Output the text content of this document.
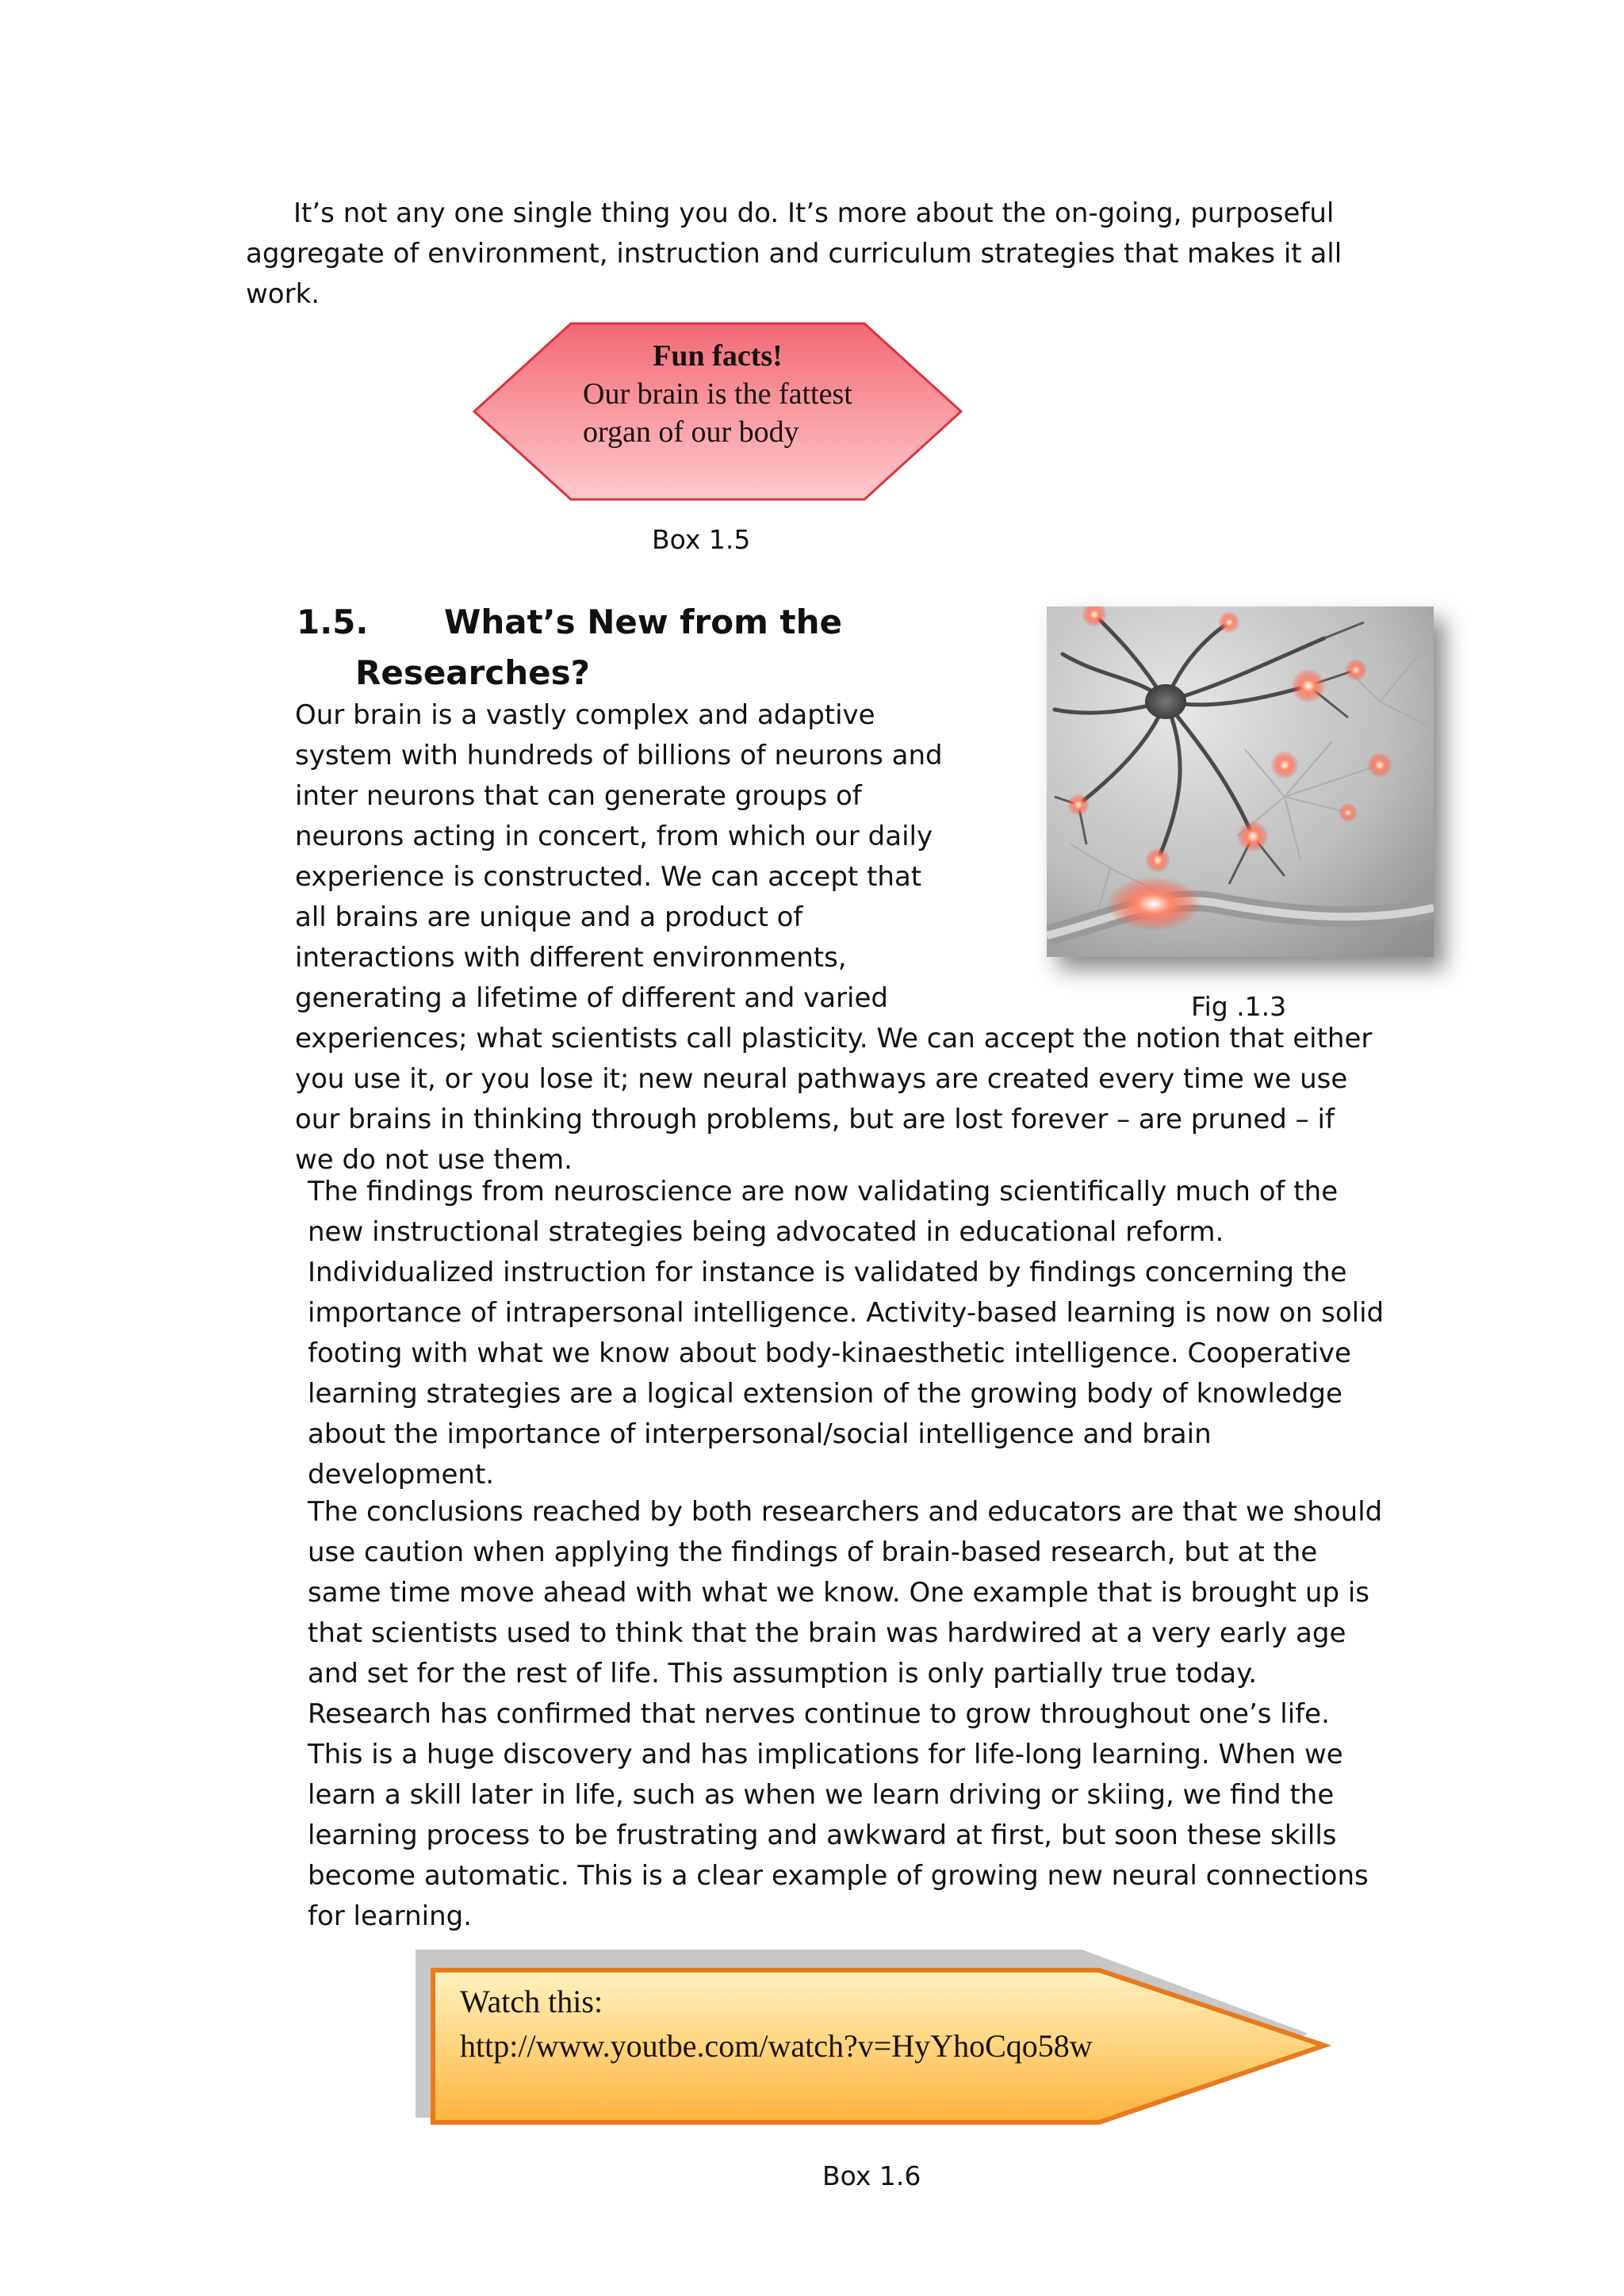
It’s not any one single thing you do. It’s more about the on-going, purposeful aggregate of environment, instruction and curriculum strategies that makes it all work.

Fun facts!
Our brain is the fattest organ of our body
Box 1.5
1.5. What’s New from the
Researches?
Fig .1.3
Our brain is a vastly complex and adaptive system with hundreds of billions of neurons and inter neurons that can generate groups of neurons acting in concert, from which our daily experience is constructed. We can accept that all brains are unique and a product of interactions with different environments, generating a lifetime of different and varied experiences; what scientists call plasticity. We can accept the notion that either you use it, or you lose it; new neural pathways are created every time we use our brains in thinking through problems, but are lost forever – are pruned – if we do not use them.

The findings from neuroscience are now validating scientifically much of the new instructional strategies being advocated in educational reform. Individualized instruction for instance is validated by findings concerning the importance of intrapersonal intelligence. Activity-based learning is now on solid footing with what we know about body-kinaesthetic intelligence. Cooperative learning strategies are a logical extension of the growing body of knowledge about the importance of interpersonal/social intelligence and brain development.

The conclusions reached by both researchers and educators are that we should use caution when applying the findings of brain-based research, but at the same time move ahead with what we know. One example that is brought up is that scientists used to think that the brain was hardwired at a very early age and set for the rest of life. This assumption is only partially true today. Research has confirmed that nerves continue to grow throughout one’s life. This is a huge discovery and has implications for life-long learning. When we learn a skill later in life, such as when we learn driving or skiing, we find the learning process to be frustrating and awkward at first, but soon these skills become automatic. This is a clear example of growing new neural connections for learning.

Watch this:
http://www.youtbe.com/watch?v=HyYhoCqo58w
Box 1.6
